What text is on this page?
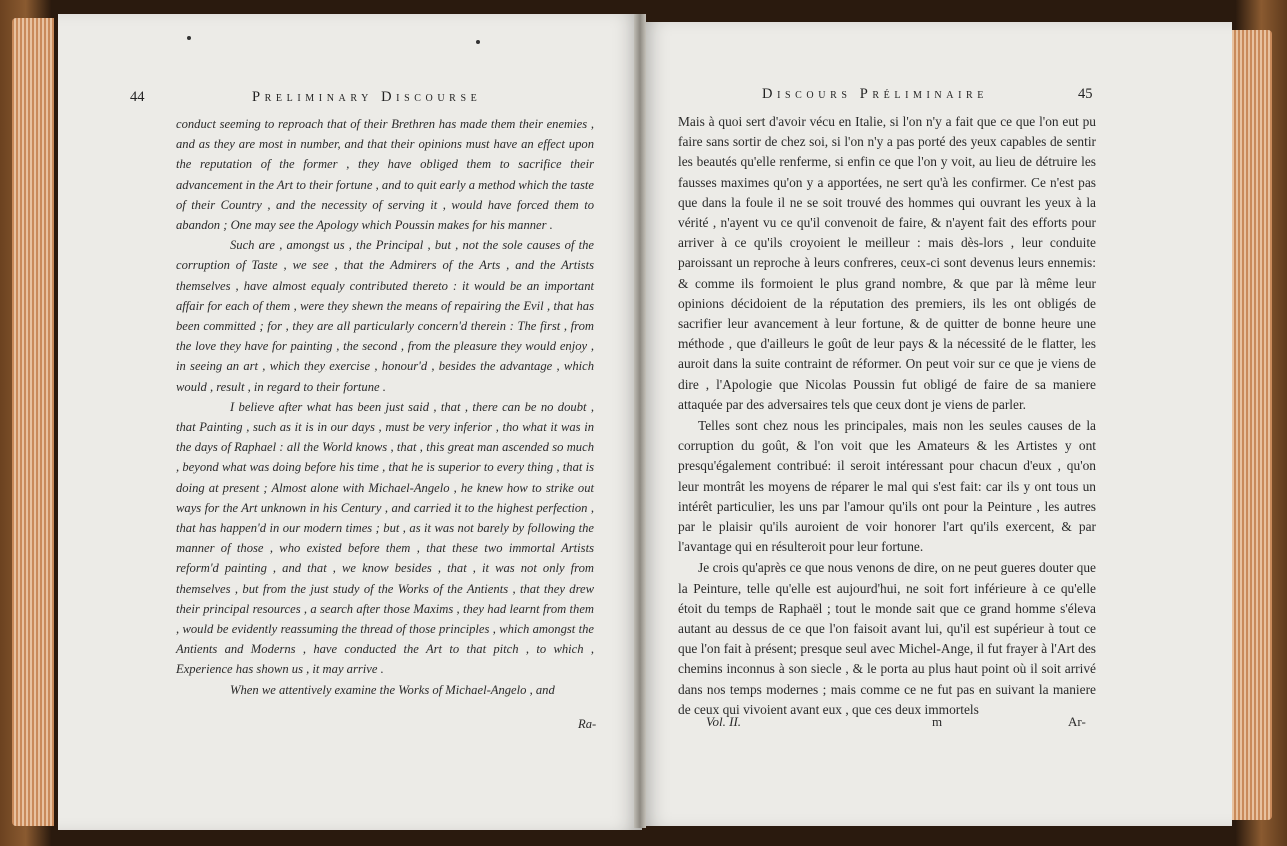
44	Preliminary Discourse	Discours Préliminaire	45

conduct seeming to reproach that of their Brethren has made them their enemies , and as they are most in number, and that their opinions must have an effect upon the reputation of the former , they have obliged them to sacrifice their advancement in the Art to their fortune , and to quit early a method which the taste of their Country , and the necessity of serving it , would have forced them to abandon ; One may see the Apology which Poussin makes for his manner .

Such are , amongst us , the Principal , but , not the sole causes of the corruption of Taste , we see , that the Admirers of the Arts , and the Artists themselves , have almost equaly contributed thereto : it would be an important affair for each of them , were they shewn the means of repairing the Evil , that has been committed ; for , they are all particularly concern'd therein : The first , from the love they have for painting , the second , from the pleasure they would enjoy , in seeing an art , which they exercise , honour'd , besides the advantage , which would , result , in regard to their fortune .

I believe after what has been just said , that , there can be no doubt , that Painting , such as it is in our days , must be very inferior , tho what it was in the days of Raphael : all the World knows , that , this great man ascended so much , beyond what was doing before his time , that he is superior to every thing , that is doing at present ; Almost alone with Michael-Angelo , he knew how to strike out ways for the Art unknown in his Century , and carried it to the highest perfection , that has happen'd in our modern times ; but , as it was not barely by following the manner of those , who existed before them , that these two immortal Artists reform'd painting , and that , we know besides , that , it was not only from themselves , but from the just study of the Works of the Antients , that they drew their principal resources , a search after those Maxims , they had learnt from them , would be evidently reassuming the thread of those principles , which amongst the Antients and Moderns , have conducted the Art to that pitch , to which , Experience has shown us , it may arrive .

When we attentively examine the Works of Michael-Angelo , and

Ra-

Mais à quoi sert d'avoir vécu en Italie, si l'on n'y a fait que ce que l'on eut pu faire sans sortir de chez soi, si l'on n'y a pas porté des yeux capables de sentir les beautés qu'elle renferme, si enfin ce que l'on y voit, au lieu de détruire les fausses maximes qu'on y a apportées, ne sert qu'à les confirmer. Ce n'est pas que dans la foule il ne se soit trouvé des hommes qui ouvrant les yeux à la vérité , n'ayent vu ce qu'il convenoit de faire, & n'ayent fait des efforts pour arriver à ce qu'ils croyoient le meilleur : mais dès-lors , leur conduite paroissant un reproche à leurs confreres, ceux-ci sont devenus leurs ennemis: & comme ils formoient le plus grand nombre, & que par là même leur opinions décidoient de la réputation des premiers, ils les ont obligés de sacrifier leur avancement à leur fortune, & de quitter de bonne heure une méthode , que d'ailleurs le goût de leur pays & la nécessité de le flatter, les auroit dans la suite contraint de réformer. On peut voir sur ce que je viens de dire , l'Apologie que Nicolas Poussin fut obligé de faire de sa maniere attaquée par des adversaires tels que ceux dont je viens de parler.

Telles sont chez nous les principales, mais non les seules causes de la corruption du goût, & l'on voit que les Amateurs & les Artistes y ont presqu'également contribué: il seroit intéressant pour chacun d'eux , qu'on leur montrât les moyens de réparer le mal qui s'est fait: car ils y ont tous un intérêt particulier, les uns par l'amour qu'ils ont pour la Peinture , les autres par le plaisir qu'ils auroient de voir honorer l'art qu'ils exercent, & par l'avantage qui en résulteroit pour leur fortune.

Je crois qu'après ce que nous venons de dire, on ne peut gueres douter que la Peinture, telle qu'elle est aujourd'hui, ne soit fort inférieure à ce qu'elle étoit du temps de Raphaël ; tout le monde sait que ce grand homme s'éleva autant au dessus de ce que l'on faisoit avant lui, qu'il est supérieur à tout ce que l'on fait à présent; presque seul avec Michel-Ange, il fut frayer à l'Art des chemins inconnus à son siecle , & le porta au plus haut point où il soit arrivé dans nos temps modernes ; mais comme ce ne fut pas en suivant la maniere de ceux qui vivoient avant eux , que ces deux immortels

Vol. II.	m	Ar-
